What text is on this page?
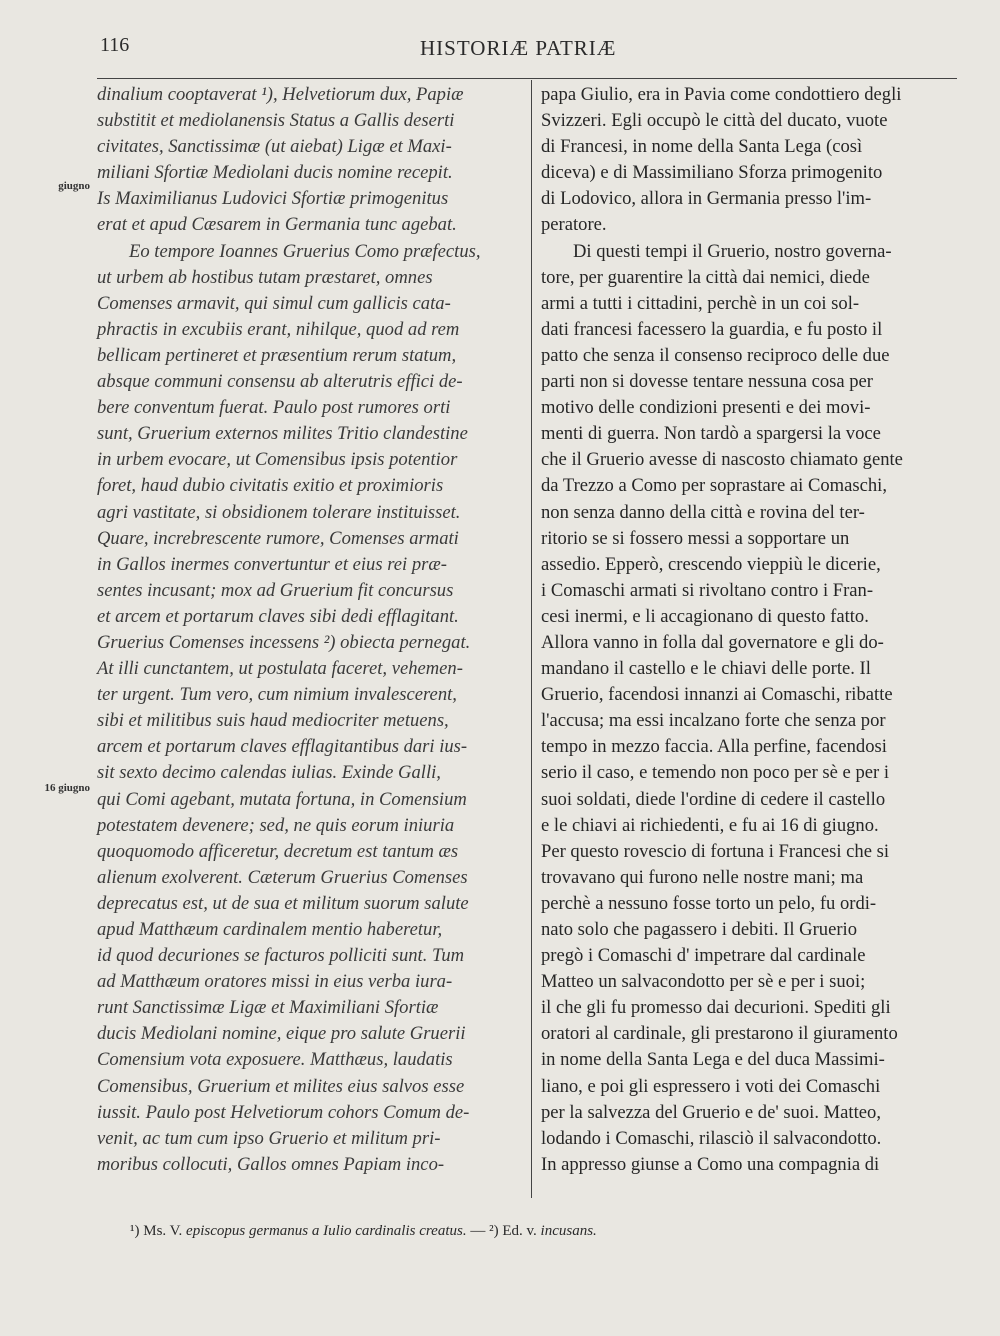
116	HISTORIÆ PATRIÆ
giugno
16 giugno
dinalium cooptaverat ¹), Helvetiorum dux, Papiæ
substitit et mediolanensis Status a Gallis deserti
civitates, Sanctissimæ (ut aiebat) Ligæ et Maxi-
miliani Sfortiæ Mediolani ducis nomine recepit.
Is Maximilianus Ludovici Sfortiæ primogenitus
erat et apud Cæsarem in Germania tunc agebat.
Eo tempore Ioannes Gruerius Como præfectus,
ut urbem ab hostibus tutam præstaret, omnes
Comenses armavit, qui simul cum gallicis cata-
phractis in excubiis erant, nihilque, quod ad rem
bellicam pertineret et præsentium rerum statum,
absque communi consensu ab alterutris effici de-
bere conventum fuerat. Paulo post rumores orti
sunt, Gruerium externos milites Tritio clandestine
in urbem evocare, ut Comensibus ipsis potentior
foret, haud dubio civitatis exitio et proximioris
agri vastitate, si obsidionem tolerare instituisset.
Quare, increbrescente rumore, Comenses armati
in Gallos inermes convertuntur et eius rei præ-
sentes incusant; mox ad Gruerium fit concursus
et arcem et portarum claves sibi dedi efflagitant.
Gruerius Comenses incessens ²) obiecta pernegat.
At illi cunctantem, ut postulata faceret, vehemen-
ter urgent. Tum vero, cum nimium invalescerent,
sibi et militibus suis haud mediocriter metuens,
arcem et portarum claves efflagitantibus dari ius-
sit sexto decimo calendas iulias. Exinde Galli,
qui Comi agebant, mutata fortuna, in Comensium
potestatem devenere; sed, ne quis eorum iniuria
quoquomodo afficeretur, decretum est tantum æs
alienum exolverent. Cæterum Gruerius Comenses
deprecatus est, ut de sua et militum suorum salute
apud Matthæum cardinalem mentio haberetur,
id quod decuriones se facturos polliciti sunt. Tum
ad Matthæum oratores missi in eius verba iura-
runt Sanctissimæ Ligæ et Maximiliani Sfortiæ
ducis Mediolani nomine, eique pro salute Gruerii
Comensium vota exposuere. Matthæus, laudatis
Comensibus, Gruerium et milites eius salvos esse
iussit. Paulo post Helvetiorum cohors Comum de-
venit, ac tum cum ipso Gruerio et militum pri-
moribus collocuti, Gallos omnes Papiam inco-
papa Giulio, era in Pavia come condottiero degli
Svizzeri. Egli occupò le città del ducato, vuote
di Francesi, in nome della Santa Lega (così
diceva) e di Massimiliano Sforza primogenito
di Lodovico, allora in Germania presso l'im-
peratore.
Di questi tempi il Gruerio, nostro governa-
tore, per guarentire la città dai nemici, diede
armi a tutti i cittadini, perchè in un coi sol-
dati francesi facessero la guardia, e fu posto il
patto che senza il consenso reciproco delle due
parti non si dovesse tentare nessuna cosa per
motivo delle condizioni presenti e dei movi-
menti di guerra. Non tardò a spargersi la voce
che il Gruerio avesse di nascosto chiamato gente
da Trezzo a Como per soprastare ai Comaschi,
non senza danno della città e rovina del ter-
ritorio se si fossero messi a sopportare un
assedio. Epperò, crescendo vieppiù le dicerie,
i Comaschi armati si rivoltano contro i Fran-
cesi inermi, e li accagionano di questo fatto.
Allora vanno in folla dal governatore e gli do-
mandano il castello e le chiavi delle porte. Il
Gruerio, facendosi innanzi ai Comaschi, ribatte
l'accusa; ma essi incalzano forte che senza por
tempo in mezzo faccia. Alla perfine, facendosi
serio il caso, e temendo non poco per sè e per i
suoi soldati, diede l'ordine di cedere il castello
e le chiavi ai richiedenti, e fu ai 16 di giugno.
Per questo rovescio di fortuna i Francesi che si
trovavano qui furono nelle nostre mani; ma
perchè a nessuno fosse torto un pelo, fu ordi-
nato solo che pagassero i debiti. Il Gruerio
pregò i Comaschi d' impetrare dal cardinale
Matteo un salvacondotto per sè e per i suoi;
il che gli fu promesso dai decurioni. Spediti gli
oratori al cardinale, gli prestarono il giuramento
in nome della Santa Lega e del duca Massimi-
liano, e poi gli espressero i voti dei Comaschi
per la salvezza del Gruerio e de' suoi. Matteo,
lodando i Comaschi, rilasciò il salvacondotto.
In appresso giunse a Como una compagnia di
¹) Ms. V. episcopus germanus a Iulio cardinalis creatus. — ²) Ed. v. incusans.
